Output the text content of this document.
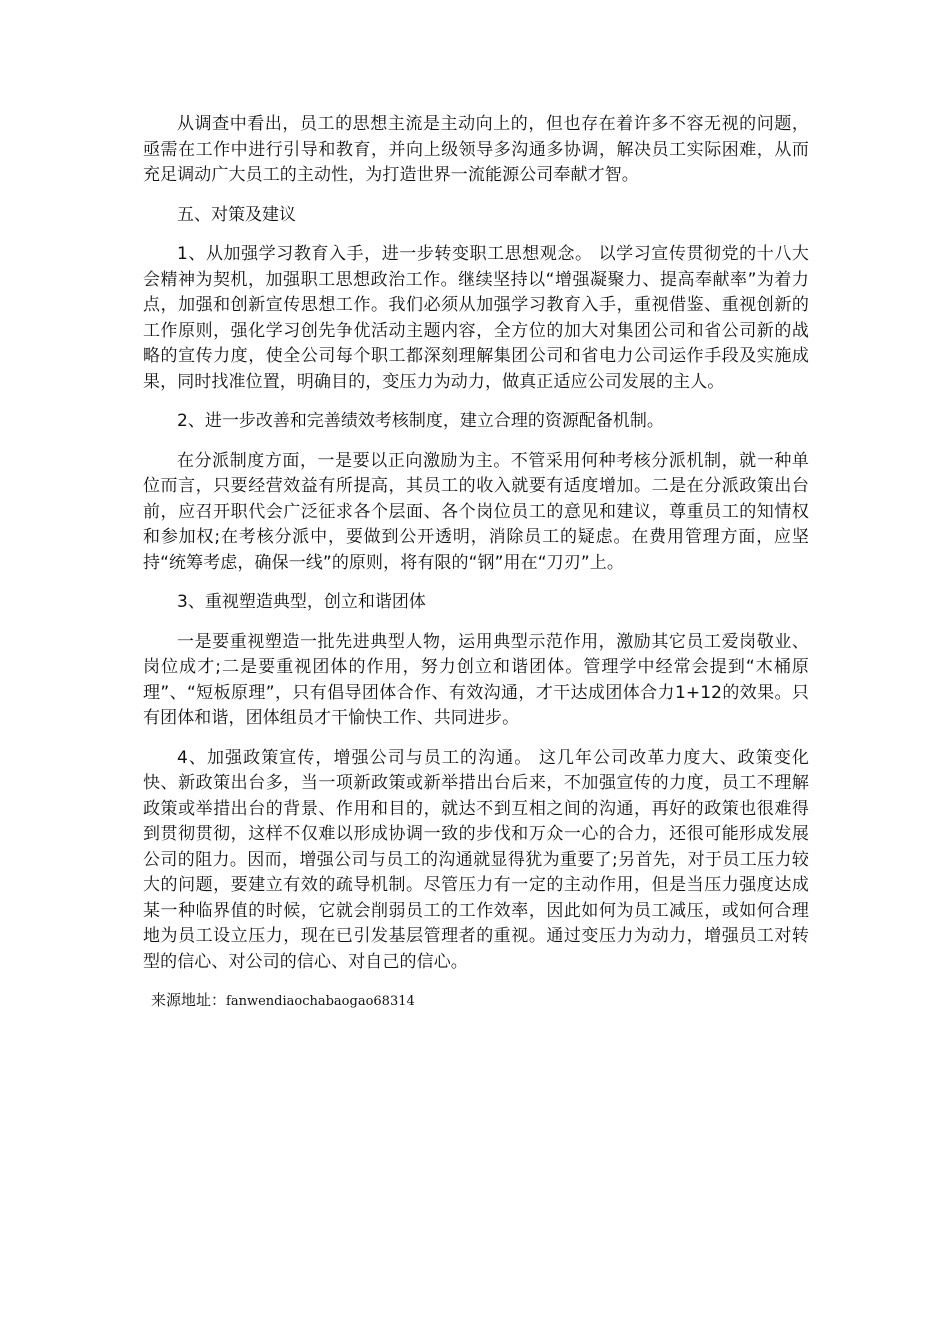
从调查中看出，员工的思想主流是主动向上的，但也存在着许多不容无视的问题，亟需在工作中进行引导和教育，并向上级领导多沟通多协调，解决员工实际困难，从而充足调动广大员工的主动性，为打造世界一流能源公司奉献才智。

五、对策及建议

1、从加强学习教育入手，进一步转变职工思想观念。 以学习宣传贯彻党的十八大会精神为契机，加强职工思想政治工作。继续坚持以“增强凝聚力、提高奉献率”为着力点，加强和创新宣传思想工作。我们必须从加强学习教育入手，重视借鉴、重视创新的工作原则，强化学习创先争优活动主题内容，全方位的加大对集团公司和省公司新的战略的宣传力度，使全公司每个职工都深刻理解集团公司和省电力公司运作手段及实施成果，同时找准位置，明确目的，变压力为动力，做真正适应公司发展的主人。

2、进一步改善和完善绩效考核制度，建立合理的资源配备机制。

在分派制度方面，一是要以正向激励为主。不管采用何种考核分派机制，就一种单位而言，只要经营效益有所提高，其员工的收入就要有适度增加。二是在分派政策出台前，应召开职代会广泛征求各个层面、各个岗位员工的意见和建议，尊重员工的知情权和参加权;在考核分派中，要做到公开透明，消除员工的疑虑。在费用管理方面，应坚持“统筹考虑，确保一线”的原则，将有限的“钢”用在“刀刃”上。

3、重视塑造典型，创立和谐团体

一是要重视塑造一批先进典型人物，运用典型示范作用，激励其它员工爱岗敬业、岗位成才;二是要重视团体的作用，努力创立和谐团体。管理学中经常会提到“木桶原理”、“短板原理”，只有倡导团体合作、有效沟通，才干达成团体合力1+12的效果。只有团体和谐，团体组员才干愉快工作、共同进步。

4、加强政策宣传，增强公司与员工的沟通。 这几年公司改革力度大、政策变化快、新政策出台多，当一项新政策或新举措出台后来，不加强宣传的力度，员工不理解政策或举措出台的背景、作用和目的，就达不到互相之间的沟通，再好的政策也很难得到贯彻贯彻，这样不仅难以形成协调一致的步伐和万众一心的合力，还很可能形成发展公司的阻力。因而，增强公司与员工的沟通就显得犹为重要了;另首先，对于员工压力较大的问题，要建立有效的疏导机制。尽管压力有一定的主动作用，但是当压力强度达成某一种临界值的时候，它就会削弱员工的工作效率，因此如何为员工减压，或如何合理地为员工设立压力，现在已引发基层管理者的重视。通过变压力为动力，增强员工对转型的信心、对公司的信心、对自己的信心。

来源地址：fanwendiaochabaogao68314
